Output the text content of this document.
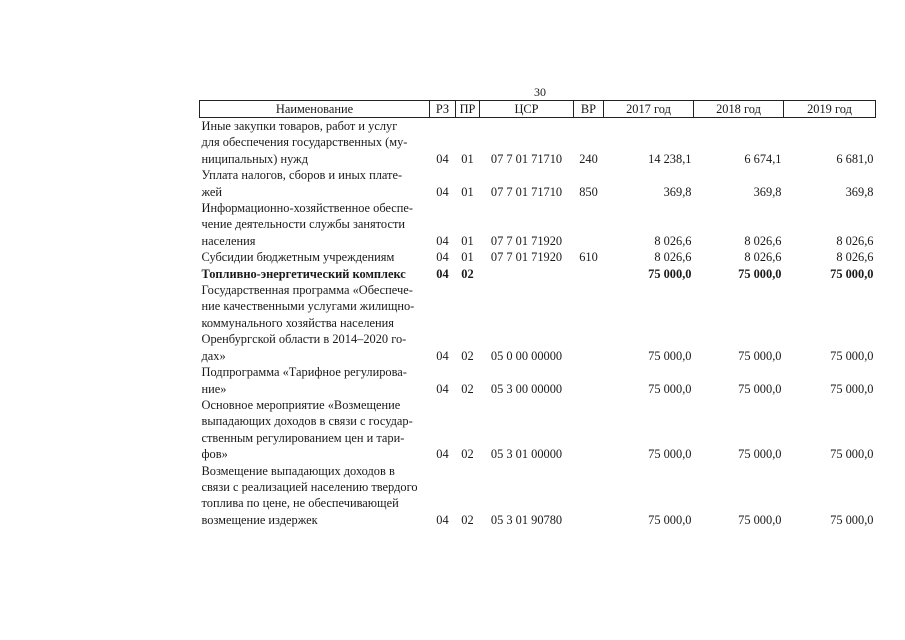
30
Наименование	РЗ	ПР	ЦСР	ВР	2017 год	2018 год	2019 год

Иные закупки товаров, работ и услуг
для обеспечения государственных (му-
ниципальных) нужд	04	01	07 7 01 71710	240	14 238,1	6 674,1	6 681,0

Уплата налогов, сборов и иных плате-
жей	04	01	07 7 01 71710	850	369,8	369,8	369,8

Информационно-хозяйственное обеспе-
чение деятельности службы занятости
населения	04	01	07 7 01 71920		8 026,6	8 026,6	8 026,6

Субсидии бюджетным учреждениям	04	01	07 7 01 71920	610	8 026,6	8 026,6	8 026,6

Топливно-энергетический комплекс	04	02			75 000,0	75 000,0	75 000,0

Государственная программа «Обеспече-
ние качественными услугами жилищно-
коммунального хозяйства населения
Оренбургской области в 2014–2020 го-
дах»	04	02	05 0 00 00000		75 000,0	75 000,0	75 000,0

Подпрограмма «Тарифное регулирова-
ние»	04	02	05 3 00 00000		75 000,0	75 000,0	75 000,0

Основное мероприятие «Возмещение
выпадающих доходов в связи с государ-
ственным регулированием цен и тари-
фов»	04	02	05 3 01 00000		75 000,0	75 000,0	75 000,0

Возмещение выпадающих доходов в
связи с реализацией населению твердого
топлива по цене, не обеспечивающей
возмещение издержек	04	02	05 3 01 90780		75 000,0	75 000,0	75 000,0
